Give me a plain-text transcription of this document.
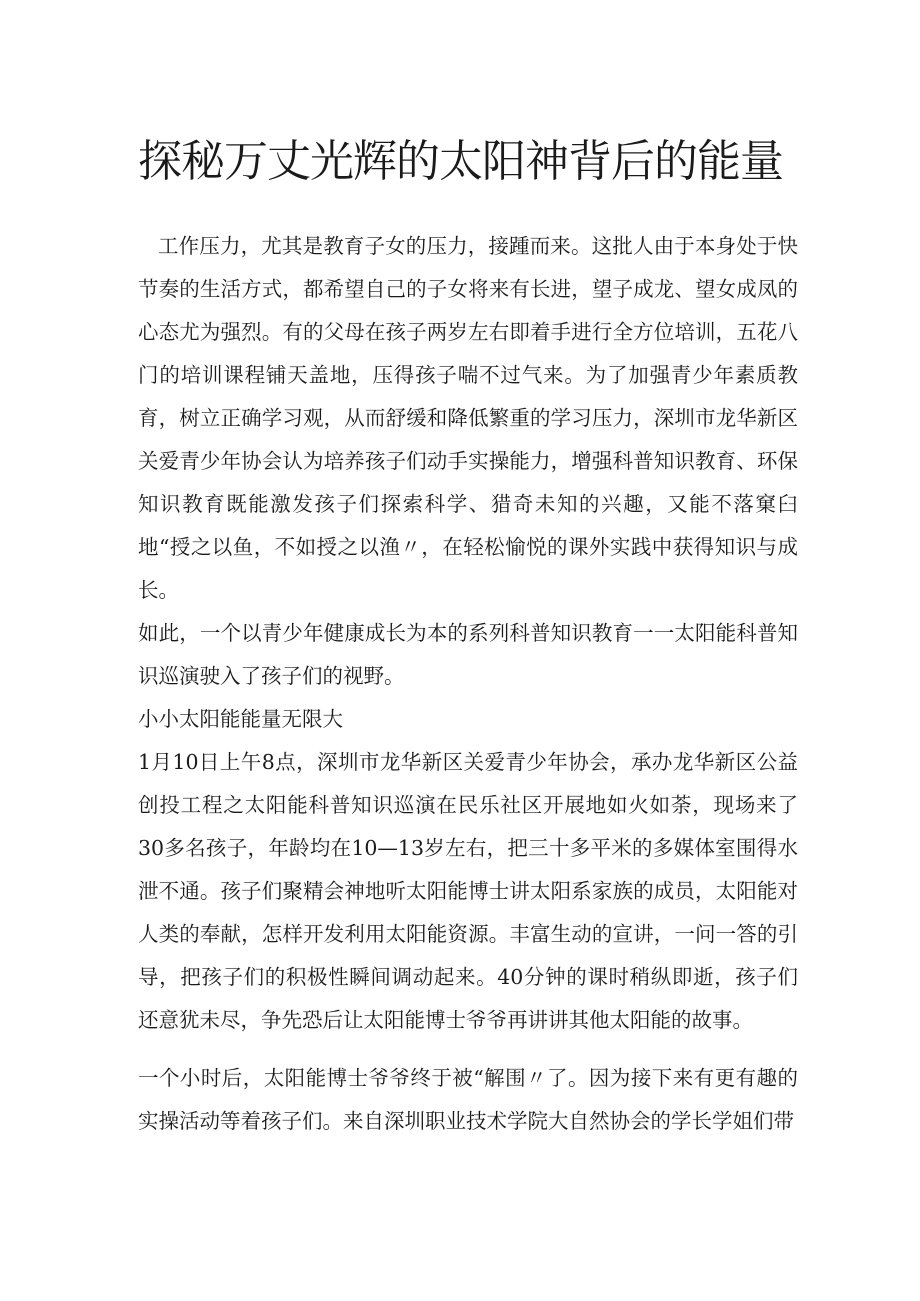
探秘万丈光辉的太阳神背后的能量

工作压力，尤其是教育子女的压力，接踵而来。这批人由于本身处于快节奏的生活方式，都希望自己的子女将来有长进，望子成龙、望女成凤的心态尤为强烈。有的父母在孩子两岁左右即着手进行全方位培训，五花八门的培训课程铺天盖地，压得孩子喘不过气来。为了加强青少年素质教育，树立正确学习观，从而舒缓和降低繁重的学习压力，深圳市龙华新区关爱青少年协会认为培养孩子们动手实操能力，增强科普知识教育、环保知识教育既能激发孩子们探索科学、猎奇未知的兴趣，又能不落窠臼地“授之以鱼，不如授之以渔〃，在轻松愉悦的课外实践中获得知识与成长。

如此，一个以青少年健康成长为本的系列科普知识教育一一太阳能科普知识巡演驶入了孩子们的视野。

小小太阳能能量无限大

1月10日上午8点，深圳市龙华新区关爱青少年协会，承办龙华新区公益创投工程之太阳能科普知识巡演在民乐社区开展地如火如荼，现场来了30多名孩子，年龄均在10—13岁左右，把三十多平米的多媒体室围得水泄不通。孩子们聚精会神地听太阳能博士讲太阳系家族的成员，太阳能对人类的奉献，怎样开发利用太阳能资源。丰富生动的宣讲，一问一答的引导，把孩子们的积极性瞬间调动起来。40分钟的课时稍纵即逝，孩子们还意犹未尽，争先恐后让太阳能博士爷爷再讲讲其他太阳能的故事。

一个小时后，太阳能博士爷爷终于被“解围〃了。因为接下来有更有趣的实操活动等着孩子们。来自深圳职业技术学院大自然协会的学长学姐们带
